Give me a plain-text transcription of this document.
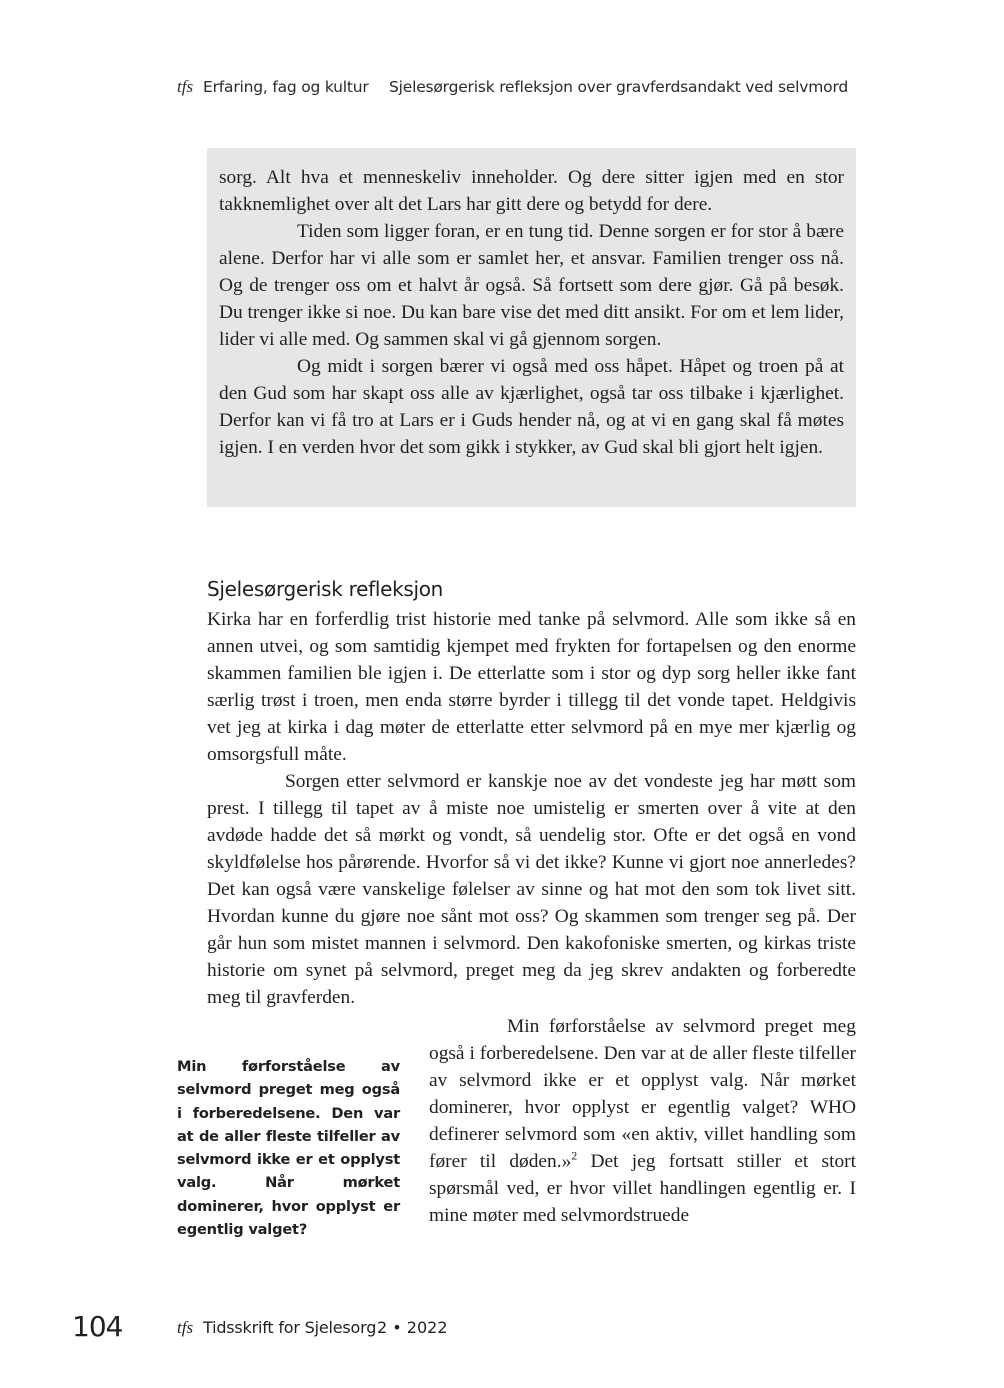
tfs Erfaring, fag og kultur Sjelesørgerisk refleksjon over gravferdsandakt ved selvmord

sorg. Alt hva et menneskeliv inneholder. Og dere sitter igjen med en stor takknemlighet over alt det Lars har gitt dere og betydd for dere.

Tiden som ligger foran, er en tung tid. Denne sorgen er for stor å bære alene. Derfor har vi alle som er samlet her, et ansvar. Familien trenger oss nå. Og de trenger oss om et halvt år også. Så fortsett som dere gjør. Gå på besøk. Du trenger ikke si noe. Du kan bare vise det med ditt ansikt. For om et lem lider, lider vi alle med. Og sammen skal vi gå gjennom sorgen.

Og midt i sorgen bærer vi også med oss håpet. Håpet og troen på at den Gud som har skapt oss alle av kjærlighet, også tar oss tilbake i kjærlighet. Derfor kan vi få tro at Lars er i Guds hender nå, og at vi en gang skal få møtes igjen. I en verden hvor det som gikk i stykker, av Gud skal bli gjort helt igjen.

Sjelesørgerisk refleksjon

Kirka har en forferdlig trist historie med tanke på selvmord. Alle som ikke så en annen utvei, og som samtidig kjempet med frykten for fortapelsen og den enorme skammen familien ble igjen i. De etterlatte som i stor og dyp sorg heller ikke fant særlig trøst i troen, men enda større byrder i tillegg til det vonde tapet. Heldgivis vet jeg at kirka i dag møter de etterlatte etter selvmord på en mye mer kjærlig og omsorgsfull måte.

Sorgen etter selvmord er kanskje noe av det vondeste jeg har møtt som prest. I tillegg til tapet av å miste noe umistelig er smerten over å vite at den avdøde hadde det så mørkt og vondt, så uendelig stor. Ofte er det også en vond skyldfølelse hos pårørende. Hvorfor så vi det ikke? Kunne vi gjort noe annerledes? Det kan også være vanskelige følelser av sinne og hat mot den som tok livet sitt. Hvordan kunne du gjøre noe sånt mot oss? Og skammen som trenger seg på. Der går hun som mistet mannen i selvmord. Den kakofoniske smerten, og kirkas triste historie om synet på selvmord, preget meg da jeg skrev andakten og forberedte meg til gravferden.

Min førforståelse av selvmord preget meg også i forberedelsene. Den var at de aller fleste tilfeller av selvmord ikke er et opplyst valg. Når mørket dominerer, hvor opplyst er egentlig valget?

Min førforståelse av selvmord preget meg også i forberedelsene. Den var at de aller fleste tilfeller av selvmord ikke er et opplyst valg. Når mørket dominerer, hvor opplyst er egentlig valget? WHO definerer selvmord som «en aktiv, villet handling som fører til døden.»$^2$ Det jeg fortsatt stiller et stort spørsmål ved, er hvor villet handlingen egentlig er. I mine møter med selvmordstruede

104	tfs Tidsskrift for Sjelesorg 2 • 2022
